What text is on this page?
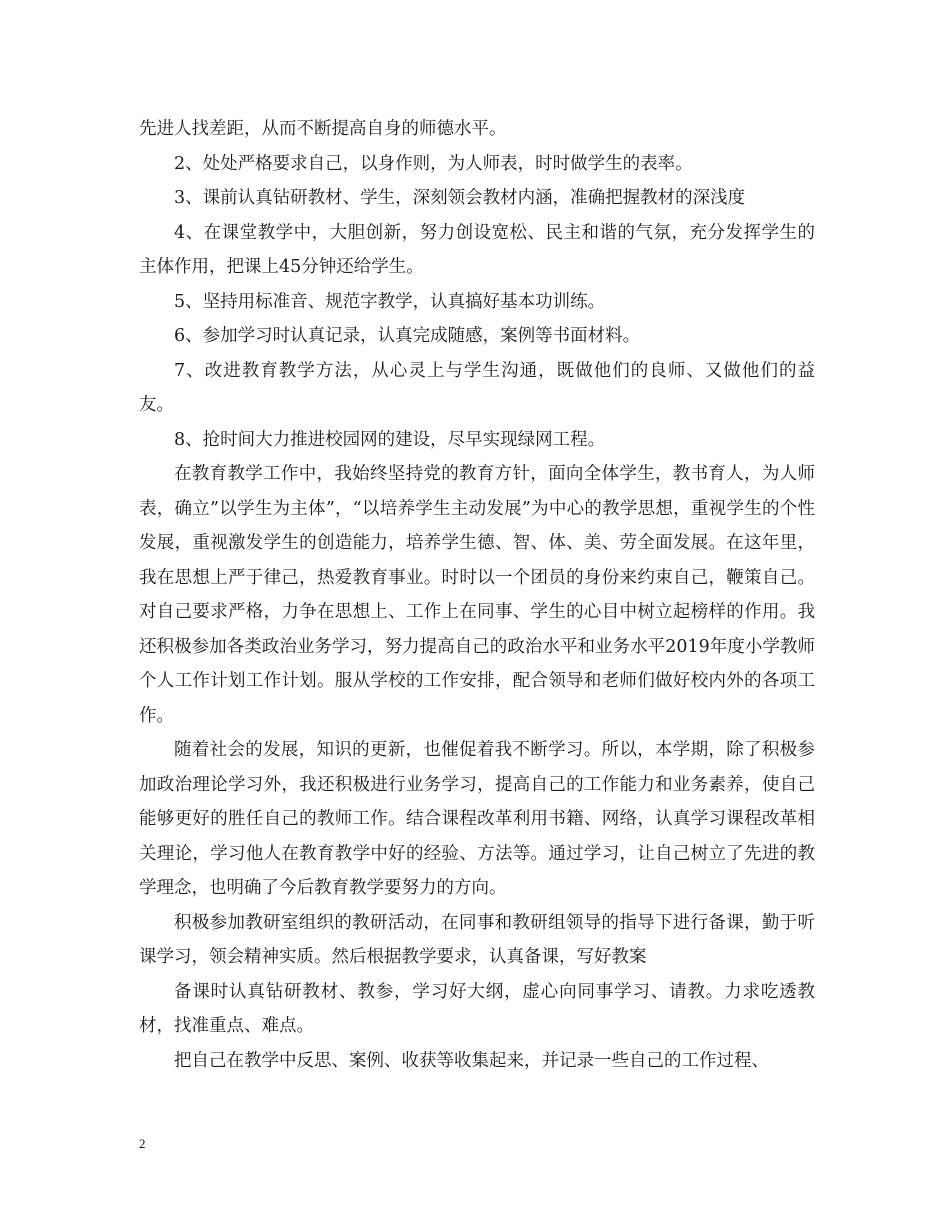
先进人找差距，从而不断提高自身的师德水平。

2、处处严格要求自己，以身作则，为人师表，时时做学生的表率。

3、课前认真钻研教材、学生，深刻领会教材内涵，准确把握教材的深浅度

4、在课堂教学中，大胆创新，努力创设宽松、民主和谐的气氛，充分发挥学生的主体作用，把课上45分钟还给学生。

5、坚持用标准音、规范字教学，认真搞好基本功训练。

6、参加学习时认真记录，认真完成随感，案例等书面材料。

7、改进教育教学方法，从心灵上与学生沟通，既做他们的良师、又做他们的益友。

8、抢时间大力推进校园网的建设，尽早实现绿网工程。

在教育教学工作中，我始终坚持党的教育方针，面向全体学生，教书育人，为人师表，确立”以学生为主体”，“以培养学生主动发展”为中心的教学思想，重视学生的个性发展，重视激发学生的创造能力，培养学生德、智、体、美、劳全面发展。在这年里，我在思想上严于律己，热爱教育事业。时时以一个团员的身份来约束自己，鞭策自己。对自己要求严格，力争在思想上、工作上在同事、学生的心目中树立起榜样的作用。我还积极参加各类政治业务学习，努力提高自己的政治水平和业务水平2019年度小学教师个人工作计划工作计划。服从学校的工作安排，配合领导和老师们做好校内外的各项工作。

随着社会的发展，知识的更新，也催促着我不断学习。所以，本学期，除了积极参加政治理论学习外，我还积极进行业务学习，提高自己的工作能力和业务素养，使自己能够更好的胜任自己的教师工作。结合课程改革利用书籍、网络，认真学习课程改革相关理论，学习他人在教育教学中好的经验、方法等。通过学习，让自己树立了先进的教学理念，也明确了今后教育教学要努力的方向。

积极参加教研室组织的教研活动，在同事和教研组领导的指导下进行备课，勤于听课学习，领会精神实质。然后根据教学要求，认真备课，写好教案

备课时认真钻研教材、教参，学习好大纲，虚心向同事学习、请教。力求吃透教材，找准重点、难点。

把自己在教学中反思、案例、收获等收集起来，并记录一些自己的工作过程、

2
